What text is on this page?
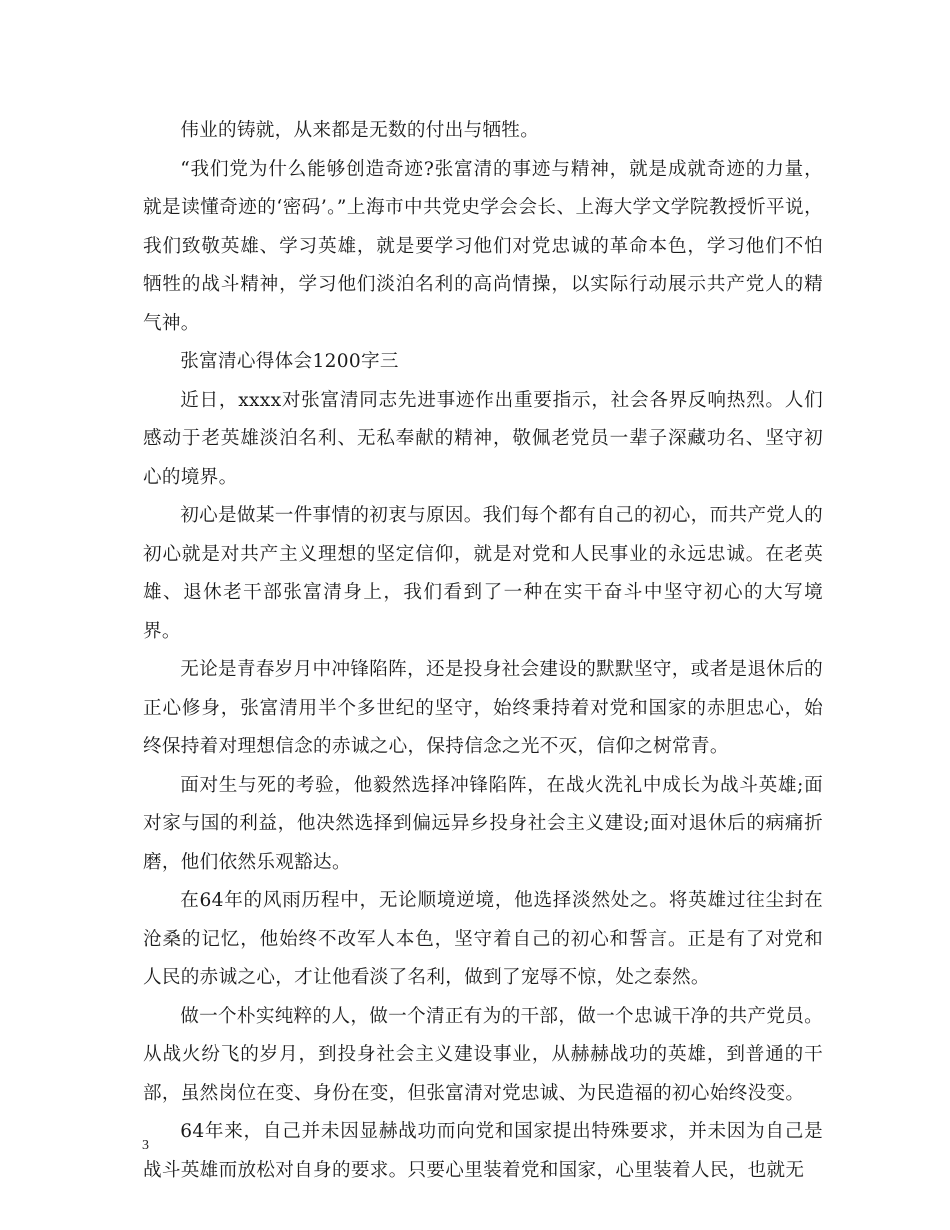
伟业的铸就，从来都是无数的付出与牺牲。

“我们党为什么能够创造奇迹?张富清的事迹与精神，就是成就奇迹的力量，就是读懂奇迹的‘密码’。”上海市中共党史学会会长、上海大学文学院教授忻平说，我们致敬英雄、学习英雄，就是要学习他们对党忠诚的革命本色，学习他们不怕牺牲的战斗精神，学习他们淡泊名利的高尚情操，以实际行动展示共产党人的精气神。

张富清心得体会1200字三

近日，xxxx对张富清同志先进事迹作出重要指示，社会各界反响热烈。人们感动于老英雄淡泊名利、无私奉献的精神，敬佩老党员一辈子深藏功名、坚守初心的境界。

初心是做某一件事情的初衷与原因。我们每个都有自己的初心，而共产党人的初心就是对共产主义理想的坚定信仰，就是对党和人民事业的永远忠诚。在老英雄、退休老干部张富清身上，我们看到了一种在实干奋斗中坚守初心的大写境界。

无论是青春岁月中冲锋陷阵，还是投身社会建设的默默坚守，或者是退休后的正心修身，张富清用半个多世纪的坚守，始终秉持着对党和国家的赤胆忠心，始终保持着对理想信念的赤诚之心，保持信念之光不灭，信仰之树常青。

面对生与死的考验，他毅然选择冲锋陷阵，在战火洗礼中成长为战斗英雄;面对家与国的利益，他决然选择到偏远异乡投身社会主义建设;面对退休后的病痛折磨，他们依然乐观豁达。

在64年的风雨历程中，无论顺境逆境，他选择淡然处之。将英雄过往尘封在沧桑的记忆，他始终不改军人本色，坚守着自己的初心和誓言。正是有了对党和人民的赤诚之心，才让他看淡了名利，做到了宠辱不惊，处之泰然。

做一个朴实纯粹的人，做一个清正有为的干部，做一个忠诚干净的共产党员。从战火纷飞的岁月，到投身社会主义建设事业，从赫赫战功的英雄，到普通的干部，虽然岗位在变、身份在变，但张富清对党忠诚、为民造福的初心始终没变。

64年来，自己并未因显赫战功而向党和国家提出特殊要求，并未因为自己是战斗英雄而放松对自身的要求。只要心里装着党和国家，心里装着人民，也就无

3
